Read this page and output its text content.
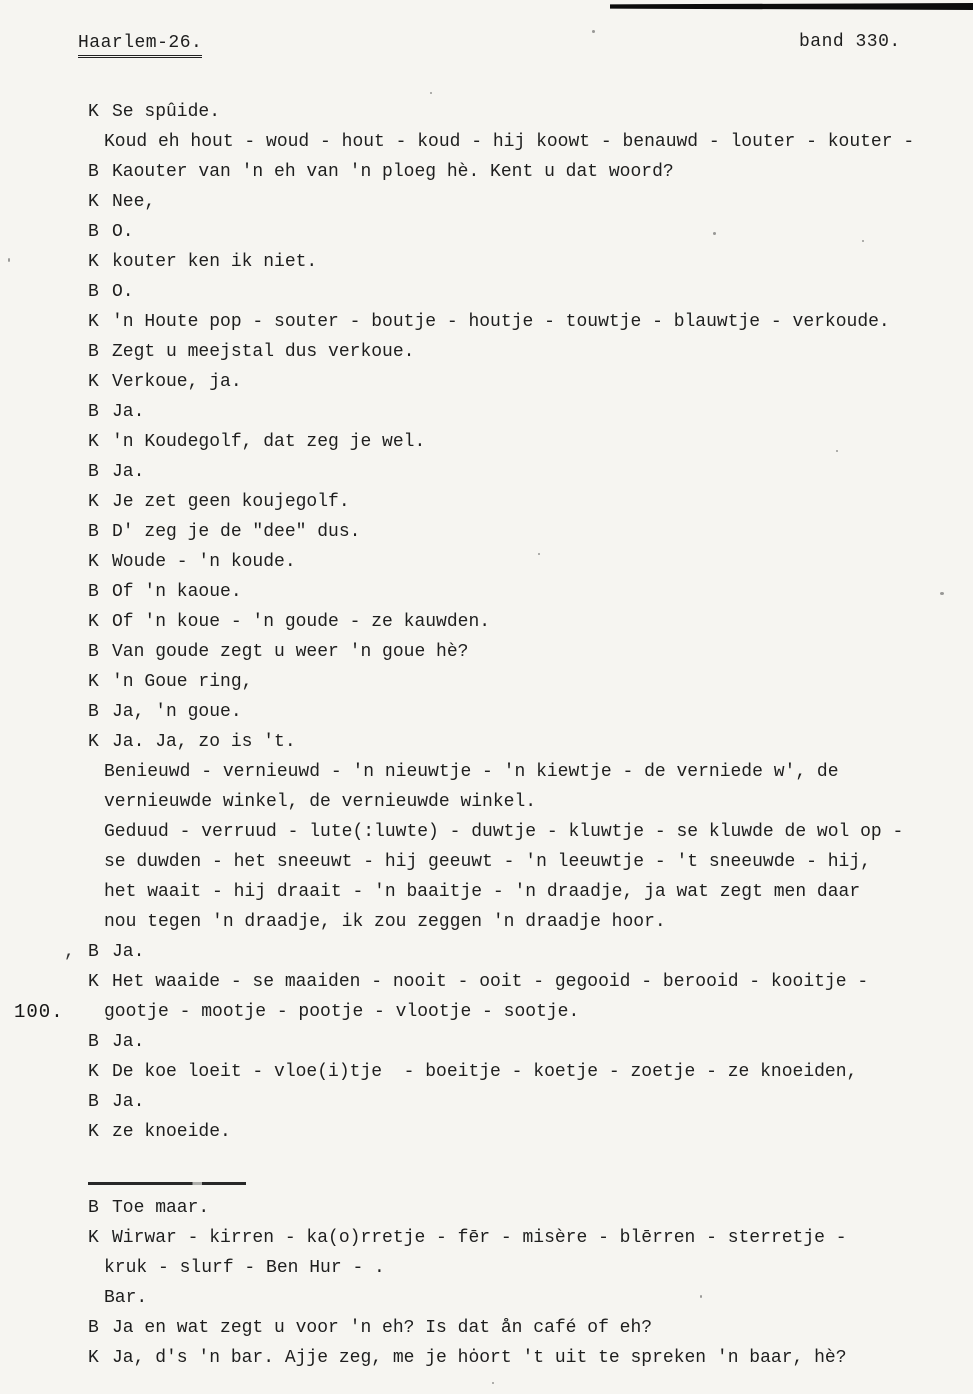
Haarlem-26.	band 330.
K Se spûide.
Koud eh hout - woud - hout - koud - hij koowt - benauwd - louter - kouter -
B Kaouter van 'n eh van 'n ploeg hè. Kent u dat woord?
K Nee,
B O.
K kouter ken ik niet.
B O.
K 'n Houte pop - souter - boutje - houtje - touwtje - blauwtje - verkoude.
B Zegt u meejstal dus verkoue.
K Verkoue, ja.
B Ja.
K 'n Koudegolf, dat zeg je wel.
B Ja.
K Je zet geen koujegolf.
B D' zeg je de "dee" dus.
K Woude - 'n koude.
B Of 'n kaoue.
K Of 'n koue - 'n goude - ze kauwden.
B Van goude zegt u weer 'n goue hè?
K 'n Goue ring,
B Ja, 'n goue.
K Ja. Ja, zo is 't.
Benieuwd - vernieuwd - 'n nieuwtje - 'n kiewtje - de verniede w', de
vernieuwde winkel, de vernieuwde winkel.
Geduud - verruud - lute(:luwte) - duwtje - kluwtje - se kluwde de wol op -
se duwden - het sneeuwt - hij geeuwt - 'n leeuwtje - 't sneeuwde - hij,
het waait - hij draait - 'n baaitje - 'n draadje, ja wat zegt men daar
nou tegen 'n draadje, ik zou zeggen 'n draadje hoor.
, B Ja.
K Het waaide - se maaiden - nooit - ooit - gegooid - berooid - kooitje -
100. gootje - mootje - pootje - vlootje - sootje.
B Ja.
K De koe loeit - vloe(i)tje  - boeitje - koetje - zoetje - ze knoeiden,
B Ja.
K ze knoeide.
B Toe maar.
K Wirwar - kirren - ka(o)rretje - fēr - misère - blērren - sterretje -
kruk - slurf - Ben Hur - .
Bar.
B Ja en wat zegt u voor 'n eh? Is dat ån café of eh?
K Ja, d's 'n bar. Ajje zeg, me je hȯort 't uit te spreken 'n baar, hè?
